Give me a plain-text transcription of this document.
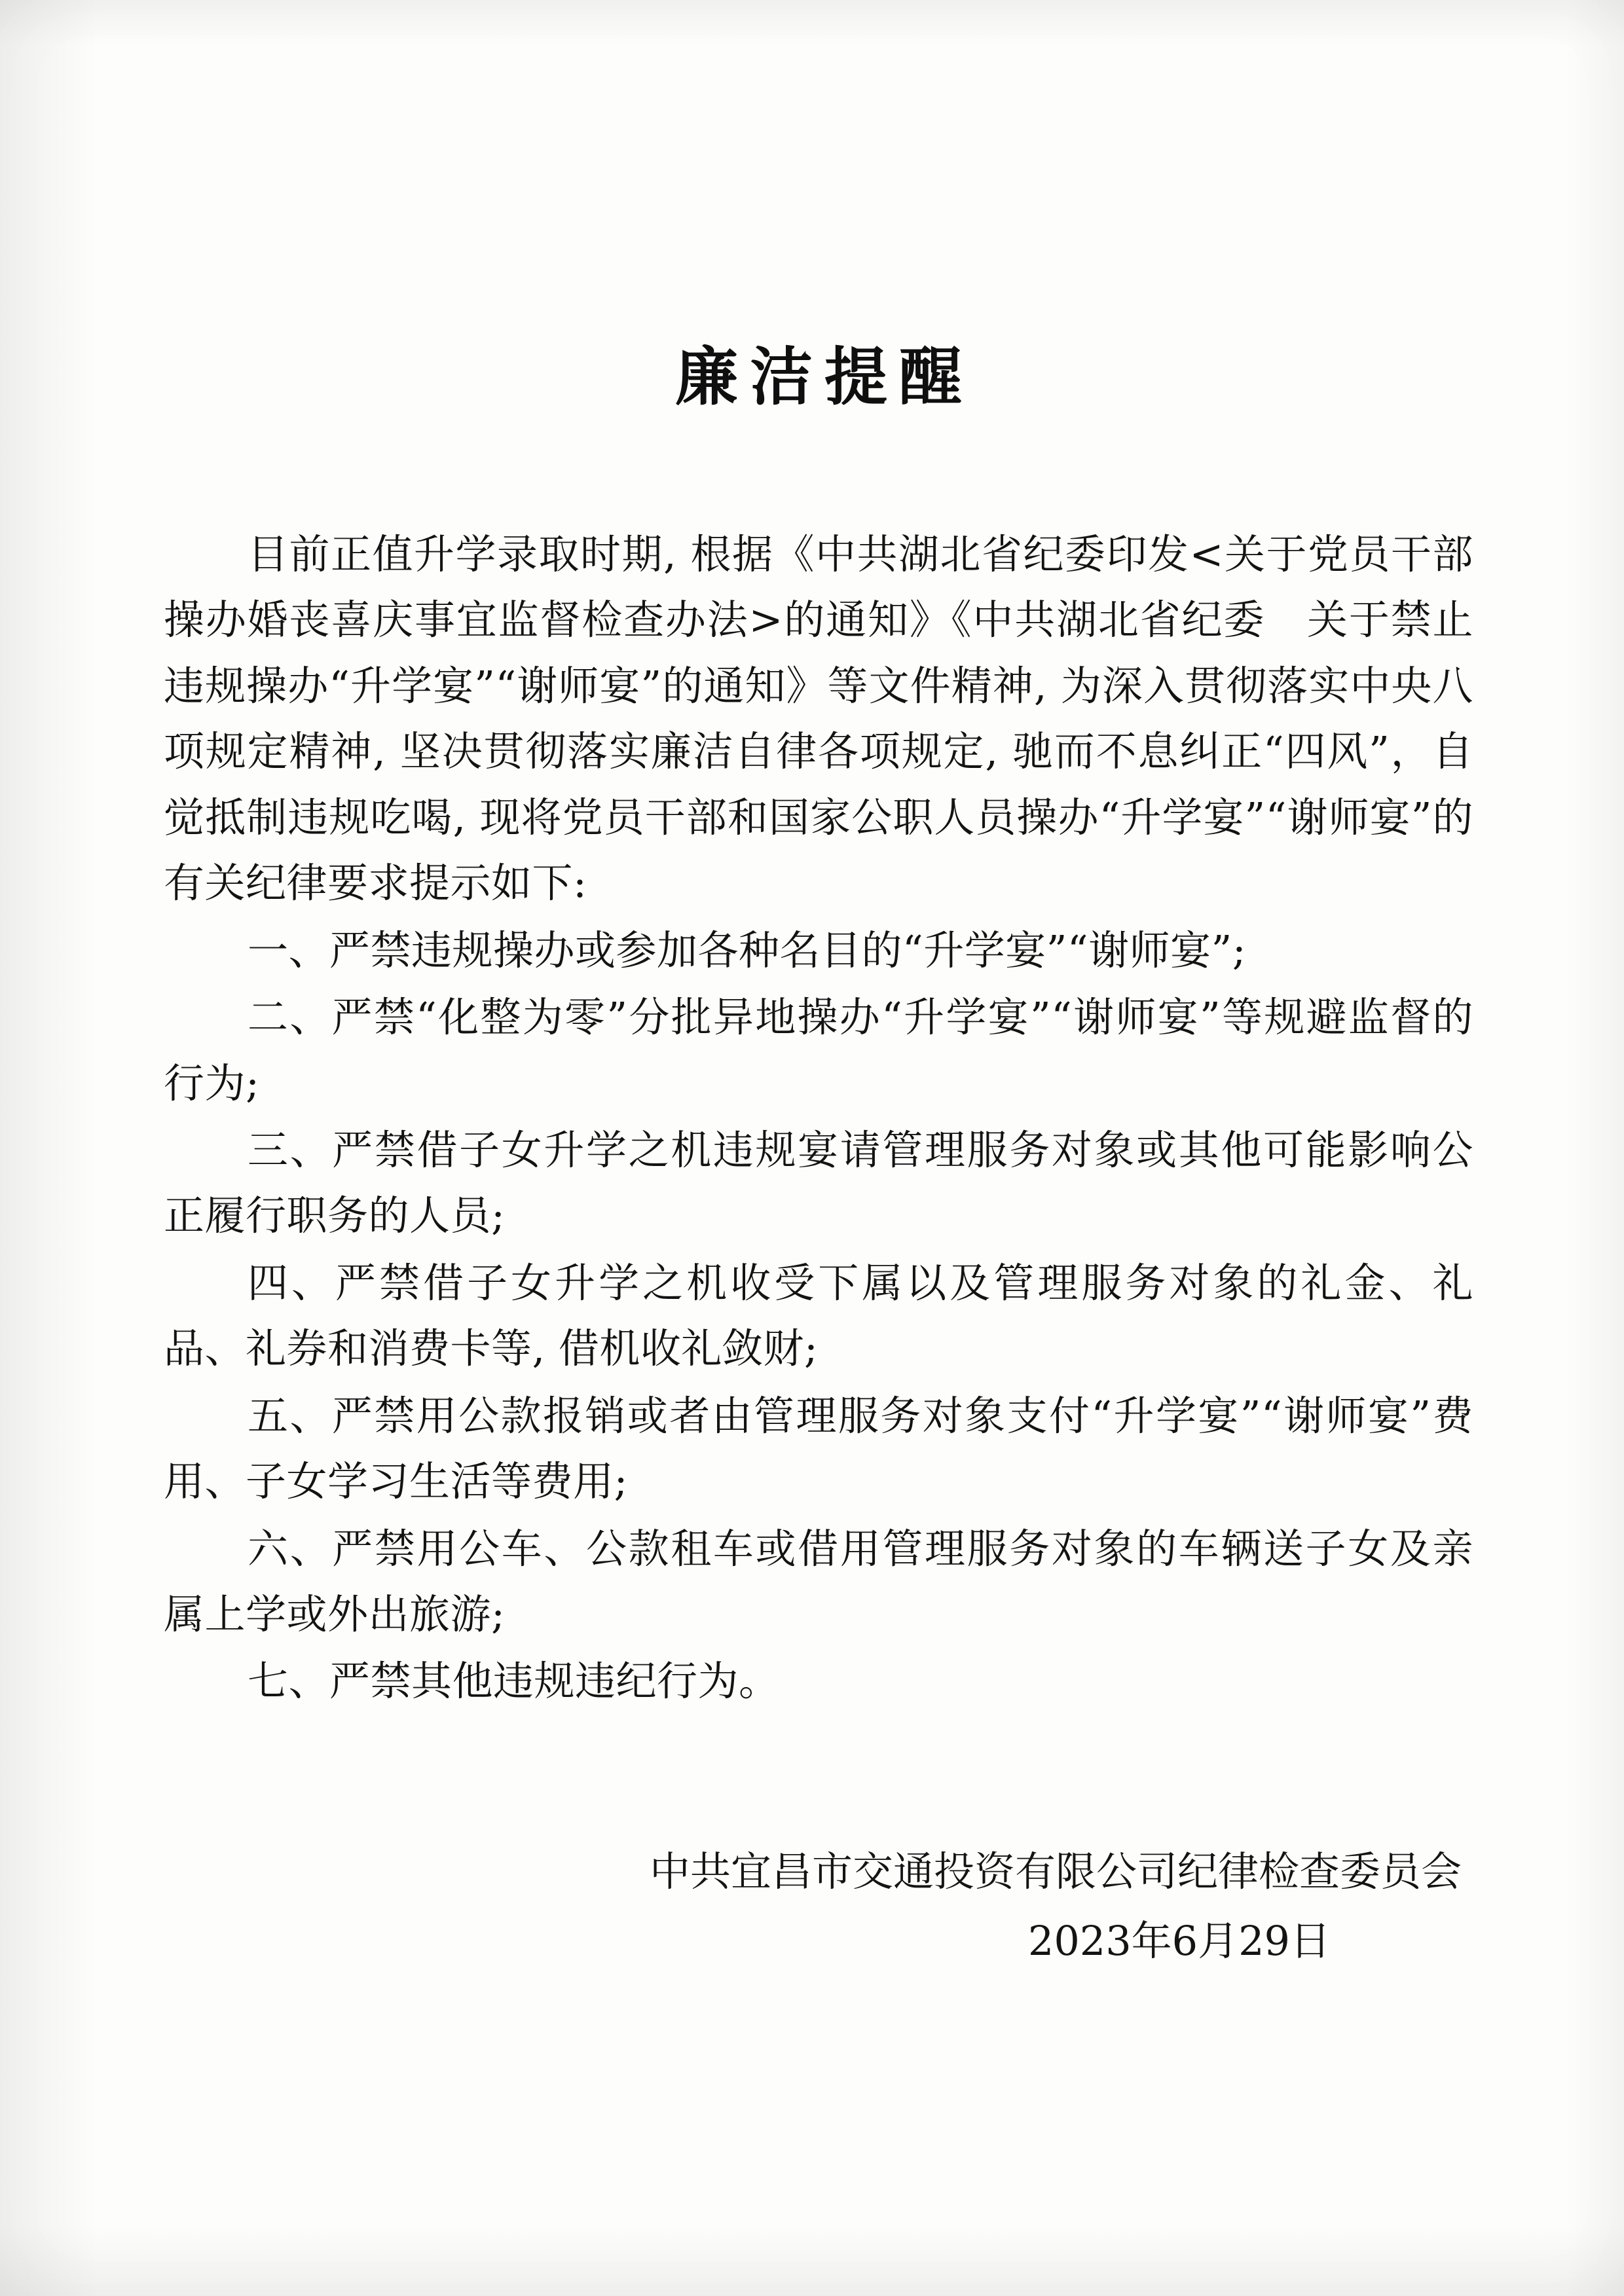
廉洁提醒

目前正值升学录取时期, 根据《中共湖北省纪委印发<关于党员干部操办婚丧喜庆事宜监督检查办法>的通知》《中共湖北省纪委　关于禁止违规操办“升学宴”“谢师宴”的通知》等文件精神, 为深入贯彻落实中央八项规定精神, 坚决贯彻落实廉洁自律各项规定, 驰而不息纠正“四风”，自觉抵制违规吃喝, 现将党员干部和国家公职人员操办“升学宴”“谢师宴”的有关纪律要求提示如下:

一、严禁违规操办或参加各种名目的“升学宴”“谢师宴”;

二、严禁“化整为零”分批异地操办“升学宴”“谢师宴”等规避监督的行为;

三、严禁借子女升学之机违规宴请管理服务对象或其他可能影响公正履行职务的人员;

四、严禁借子女升学之机收受下属以及管理服务对象的礼金、礼品、礼券和消费卡等, 借机收礼敛财;

五、严禁用公款报销或者由管理服务对象支付“升学宴”“谢师宴”费用、子女学习生活等费用;

六、严禁用公车、公款租车或借用管理服务对象的车辆送子女及亲属上学或外出旅游;

七、严禁其他违规违纪行为。

中共宜昌市交通投资有限公司纪律检查委员会

2023年6月29日
